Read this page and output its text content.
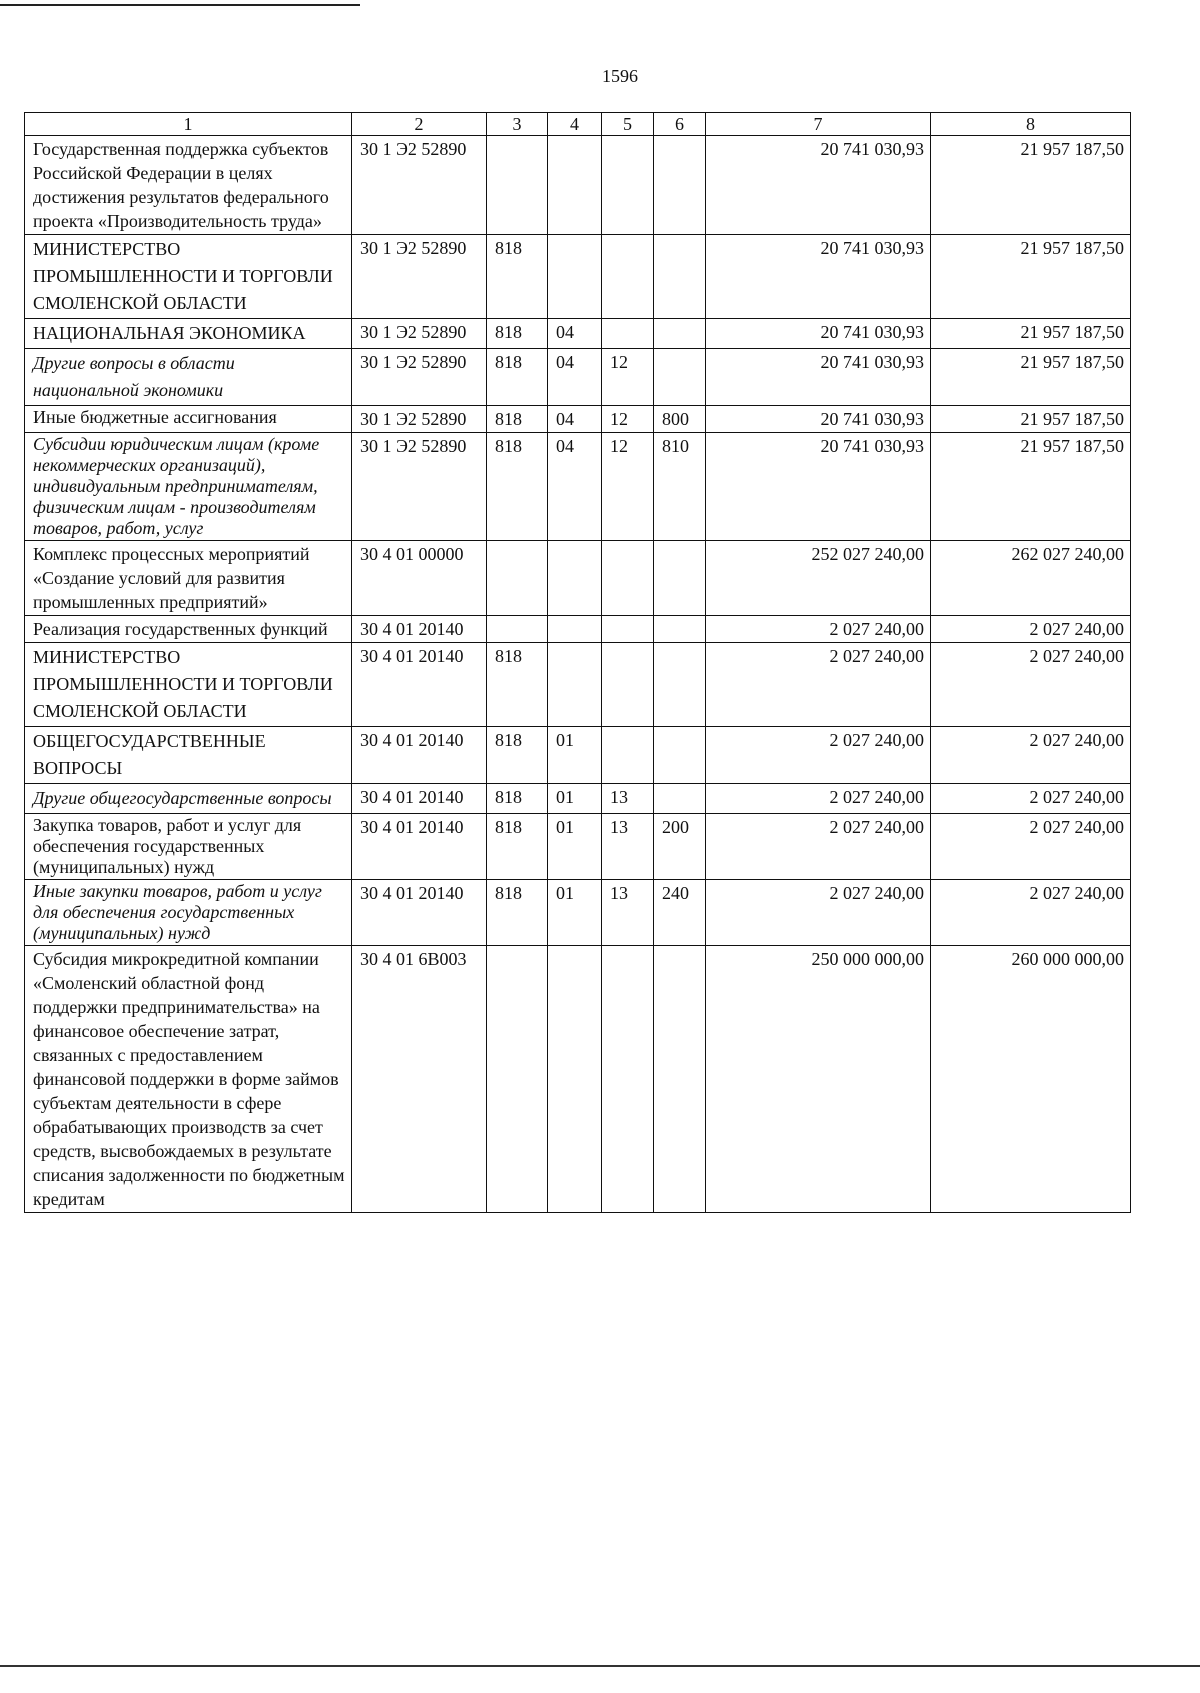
1596
1	2	3	4	5	6	7	8
Государственная поддержка субъектов Российской Федерации в целях достижения результатов федерального проекта «Производительность труда»	30 1 Э2 52890					20 741 030,93	21 957 187,50
МИНИСТЕРСТВО ПРОМЫШЛЕННОСТИ И ТОРГОВЛИ СМОЛЕНСКОЙ ОБЛАСТИ	30 1 Э2 52890	818				20 741 030,93	21 957 187,50
НАЦИОНАЛЬНАЯ ЭКОНОМИКА	30 1 Э2 52890	818	04			20 741 030,93	21 957 187,50
Другие вопросы в области национальной экономики	30 1 Э2 52890	818	04	12		20 741 030,93	21 957 187,50
Иные бюджетные ассигнования	30 1 Э2 52890	818	04	12	800	20 741 030,93	21 957 187,50
Субсидии юридическим лицам (кроме некоммерческих организаций), индивидуальным предпринимателям, физическим лицам - производителям товаров, работ, услуг	30 1 Э2 52890	818	04	12	810	20 741 030,93	21 957 187,50
Комплекс процессных мероприятий «Создание условий для развития промышленных предприятий»	30 4 01 00000					252 027 240,00	262 027 240,00
Реализация государственных функций	30 4 01 20140					2 027 240,00	2 027 240,00
МИНИСТЕРСТВО ПРОМЫШЛЕННОСТИ И ТОРГОВЛИ СМОЛЕНСКОЙ ОБЛАСТИ	30 4 01 20140	818				2 027 240,00	2 027 240,00
ОБЩЕГОСУДАРСТВЕННЫЕ ВОПРОСЫ	30 4 01 20140	818	01			2 027 240,00	2 027 240,00
Другие общегосударственные вопросы	30 4 01 20140	818	01	13		2 027 240,00	2 027 240,00
Закупка товаров, работ и услуг для обеспечения государственных (муниципальных) нужд	30 4 01 20140	818	01	13	200	2 027 240,00	2 027 240,00
Иные закупки товаров, работ и услуг для обеспечения государственных (муниципальных) нужд	30 4 01 20140	818	01	13	240	2 027 240,00	2 027 240,00
Субсидия микрокредитной компании «Смоленский областной фонд поддержки предпринимательства» на финансовое обеспечение затрат, связанных с предоставлением финансовой поддержки в форме займов субъектам деятельности в сфере обрабатывающих производств за счет средств, высвобождаемых в результате списания задолженности по бюджетным кредитам	30 4 01 6В003					250 000 000,00	260 000 000,00
